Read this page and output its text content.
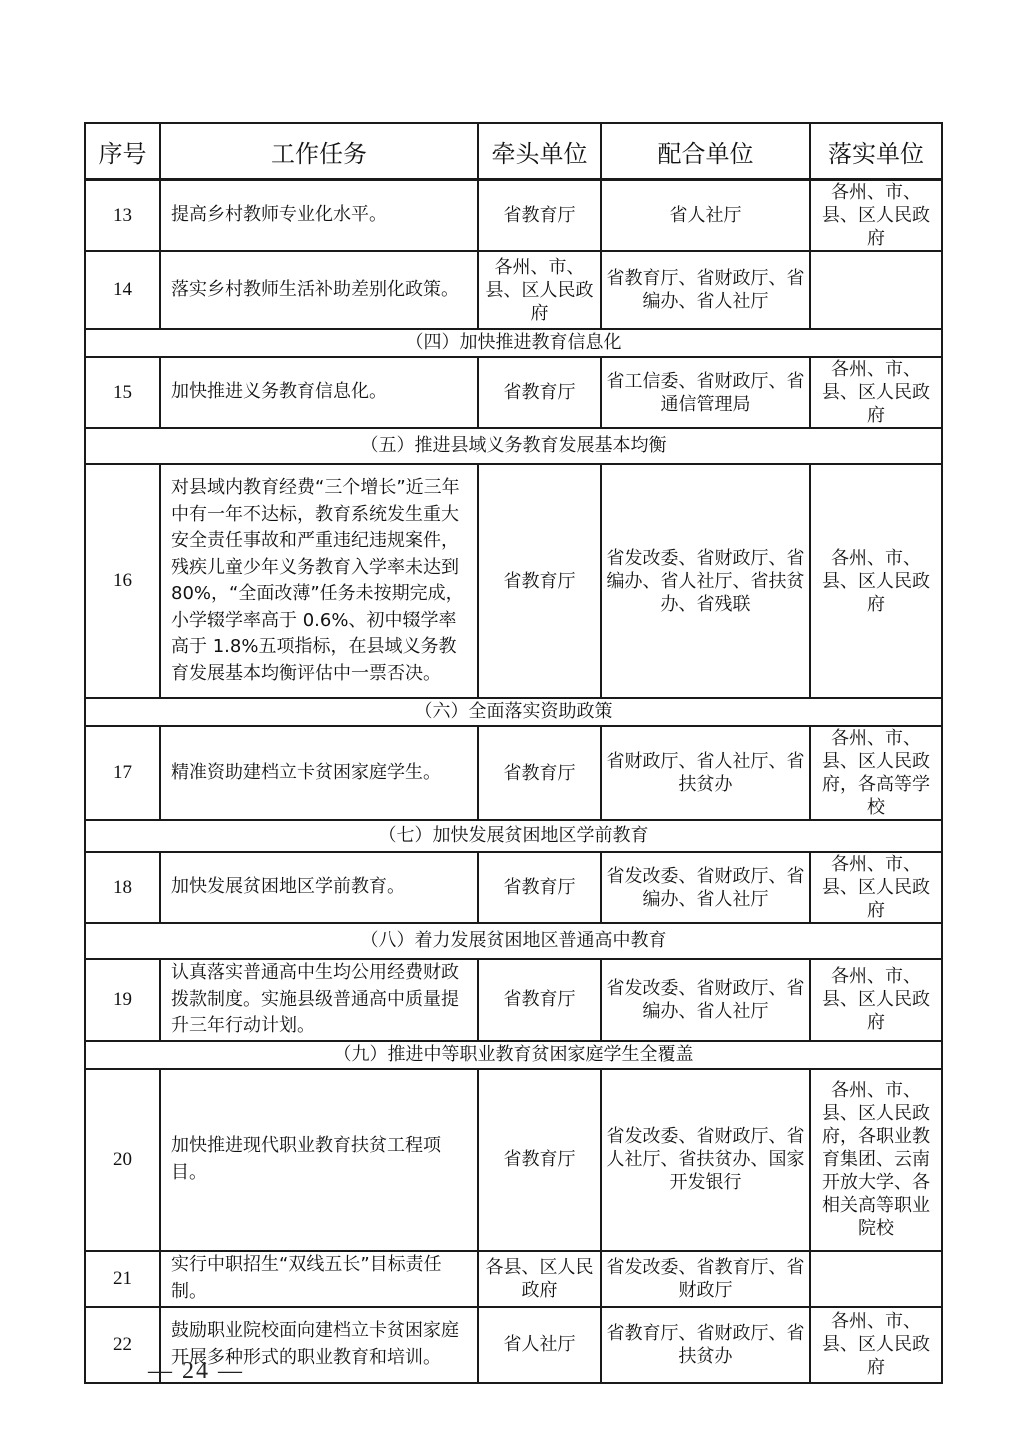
序号	工作任务	牵头单位	配合单位	落实单位
13	提高乡村教师专业化水平。	省教育厅	省人社厅	各州、市、县、区人民政府
14	落实乡村教师生活补助差别化政策。	各州、市、县、区人民政府	省教育厅、省财政厅、省编办、省人社厅	
（四）加快推进教育信息化				
15	加快推进义务教育信息化。	省教育厅	省工信委、省财政厅、省通信管理局	各州、市、县、区人民政府
（五）推进县域义务教育发展基本均衡				
16	对县域内教育经费“三个增长”近三年中有一年不达标，教育系统发生重大安全责任事故和严重违纪违规案件，残疾儿童少年义务教育入学率未达到 80%，“全面改薄”任务未按期完成，小学辍学率高于 0.6%、初中辍学率高于 1.8%五项指标，在县域义务教育发展基本均衡评估中一票否决。	省教育厅	省发改委、省财政厅、省编办、省人社厅、省扶贫办、省残联	各州、市、县、区人民政府
（六）全面落实资助政策				
17	精准资助建档立卡贫困家庭学生。	省教育厅	省财政厅、省人社厅、省扶贫办	各州、市、县、区人民政府，各高等学校
（七）加快发展贫困地区学前教育				
18	加快发展贫困地区学前教育。	省教育厅	省发改委、省财政厅、省编办、省人社厅	各州、市、县、区人民政府
（八）着力发展贫困地区普通高中教育				
19	认真落实普通高中生均公用经费财政拨款制度。实施县级普通高中质量提升三年行动计划。	省教育厅	省发改委、省财政厅、省编办、省人社厅	各州、市、县、区人民政府
（九）推进中等职业教育贫困家庭学生全覆盖				
20	加快推进现代职业教育扶贫工程项目。	省教育厅	省发改委、省财政厅、省人社厅、省扶贫办、国家开发银行	各州、市、县、区人民政府，各职业教育集团、云南开放大学、各相关高等职业院校
21	实行中职招生“双线五长”目标责任制。	各县、区人民政府	省发改委、省教育厅、省财政厅	
22	鼓励职业院校面向建档立卡贫困家庭开展多种形式的职业教育和培训。	省人社厅	省教育厅、省财政厅、省扶贫办	各州、市、县、区人民政府
— 24 —
